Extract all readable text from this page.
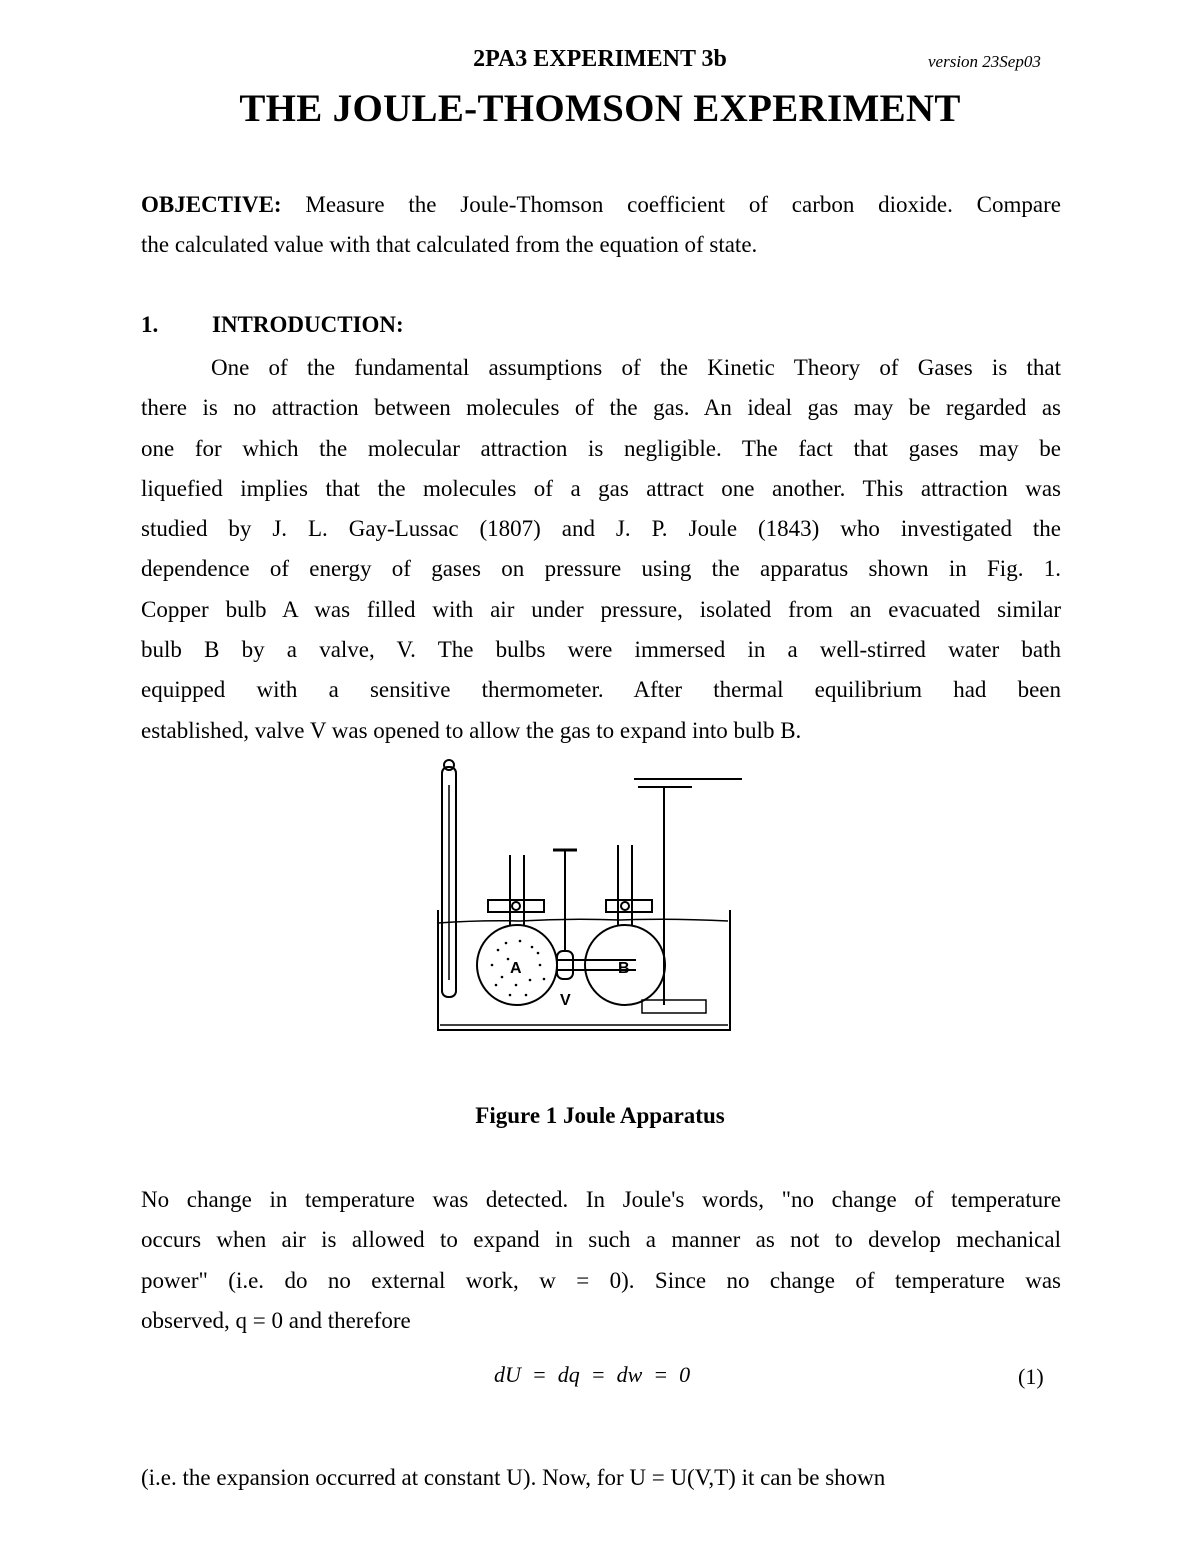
2PA3 EXPERIMENT 3b	version 23Sep03
THE JOULE-THOMSON EXPERIMENT
OBJECTIVE: Measure the Joule-Thomson coefficient of carbon dioxide. Compare
the calculated value with that calculated from the equation of state.
1. INTRODUCTION:
One of the fundamental assumptions of the Kinetic Theory of Gases is that
there is no attraction between molecules of the gas. An ideal gas may be regarded as
one for which the molecular attraction is negligible. The fact that gases may be
liquefied implies that the molecules of a gas attract one another. This attraction was
studied by J. L. Gay-Lussac (1807) and J. P. Joule (1843) who investigated the
dependence of energy of gases on pressure using the apparatus shown in Fig. 1.
Copper bulb A was filled with air under pressure, isolated from an evacuated similar
bulb B by a valve, V. The bulbs were immersed in a well-stirred water bath
equipped with a sensitive thermometer. After thermal equilibrium had been
established, valve V was opened to allow the gas to expand into bulb B.
A	B
V
Figure 1 Joule Apparatus
No change in temperature was detected. In Joule's words, "no change of temperature
occurs when air is allowed to expand in such a manner as not to develop mechanical
power" (i.e. do no external work, w = 0). Since no change of temperature was
observed, q = 0 and therefore
dU  =  dq  =  dw  =  0	(1)
(i.e. the expansion occurred at constant U). Now, for U = U(V,T) it can be shown
